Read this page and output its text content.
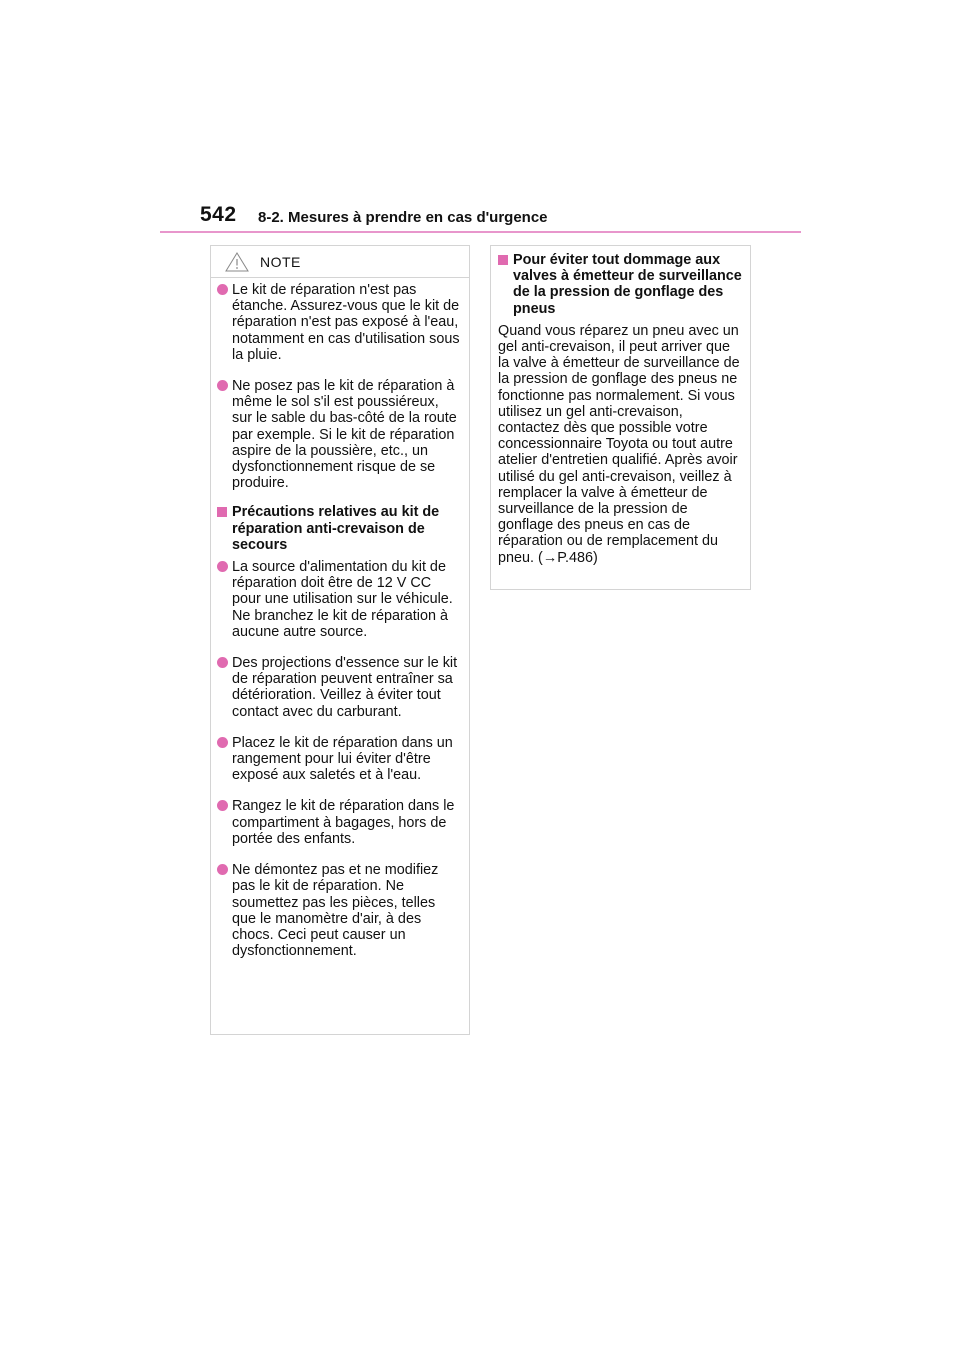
542 8-2. Mesures à prendre en cas d'urgence
NOTE
Le kit de réparation n'est pas étanche. Assurez-vous que le kit de réparation n'est pas exposé à l'eau, notamment en cas d'utilisation sous la pluie.
Ne posez pas le kit de réparation à même le sol s'il est poussiéreux, sur le sable du bas-côté de la route par exemple. Si le kit de réparation aspire de la poussière, etc., un dysfonctionnement risque de se produire.
Précautions relatives au kit de réparation anti-crevaison de secours
La source d'alimentation du kit de réparation doit être de 12 V CC pour une utilisation sur le véhicule. Ne branchez le kit de réparation à aucune autre source.
Des projections d'essence sur le kit de réparation peuvent entraîner sa détérioration. Veillez à éviter tout contact avec du carburant.
Placez le kit de réparation dans un rangement pour lui éviter d'être exposé aux saletés et à l'eau.
Rangez le kit de réparation dans le compartiment à bagages, hors de portée des enfants.
Ne démontez pas et ne modifiez pas le kit de réparation. Ne soumettez pas les pièces, telles que le manomètre d'air, à des chocs. Ceci peut causer un dysfonctionnement.
Pour éviter tout dommage aux valves à émetteur de surveillance de la pression de gonflage des pneus

Quand vous réparez un pneu avec un gel anti-crevaison, il peut arriver que la valve à émetteur de surveillance de la pression de gonflage des pneus ne fonctionne pas normalement. Si vous utilisez un gel anti-crevaison, contactez dès que possible votre concessionnaire Toyota ou tout autre atelier d'entretien qualifié. Après avoir utilisé du gel anti-crevaison, veillez à remplacer la valve à émetteur de surveillance de la pression de gonflage des pneus en cas de réparation ou de remplacement du pneu. (→P.486)
